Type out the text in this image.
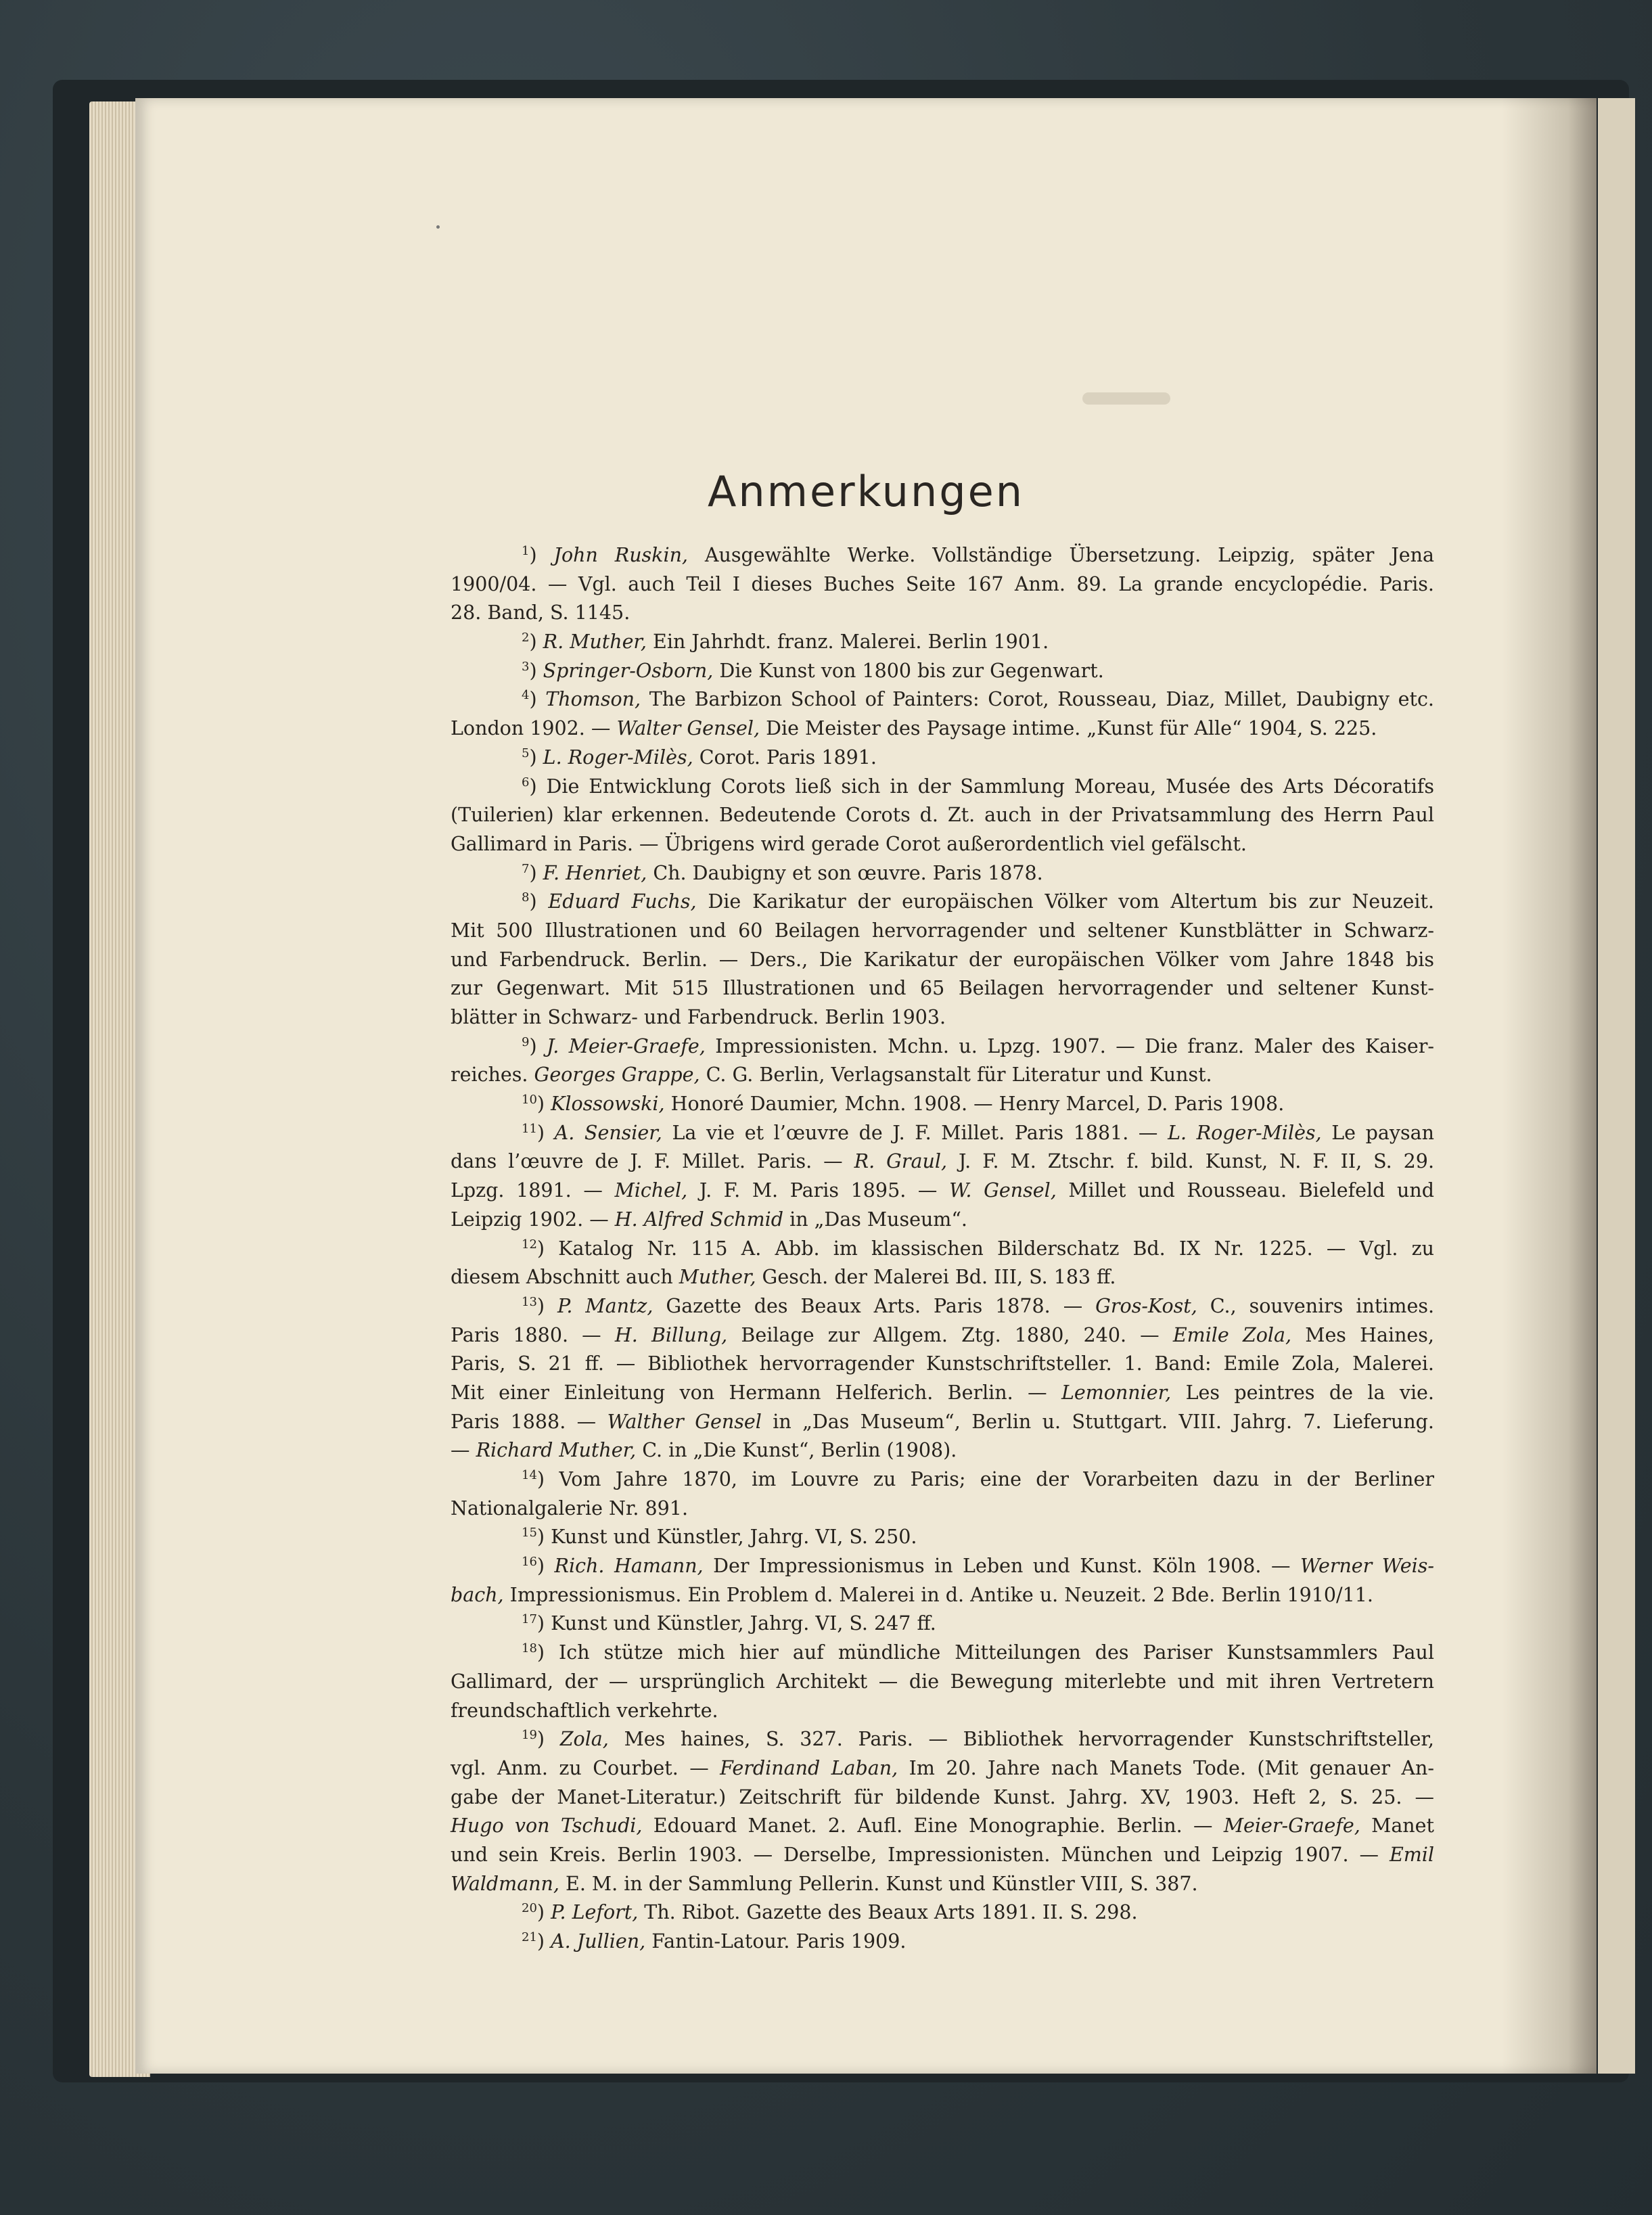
Anmerkungen
$^1$) John Ruskin, Ausgewählte Werke. Vollständige Übersetzung. Leipzig, später Jena
1900/04. — Vgl. auch Teil I dieses Buches Seite 167 Anm. 89. La grande encyclopédie. Paris.
28. Band, S. 1145.
$^2$) R. Muther, Ein Jahrhdt. franz. Malerei. Berlin 1901.
$^3$) Springer-Osborn, Die Kunst von 1800 bis zur Gegenwart.
$^4$) Thomson, The Barbizon School of Painters: Corot, Rousseau, Diaz, Millet, Daubigny etc.
London 1902. — Walter Gensel, Die Meister des Paysage intime. „Kunst für Alle“ 1904, S. 225.
$^5$) L. Roger-Milès, Corot. Paris 1891.
$^6$) Die Entwicklung Corots ließ sich in der Sammlung Moreau, Musée des Arts Décoratifs
(Tuilerien) klar erkennen. Bedeutende Corots d. Zt. auch in der Privatsammlung des Herrn Paul
Gallimard in Paris. — Übrigens wird gerade Corot außerordentlich viel gefälscht.
$^7$) F. Henriet, Ch. Daubigny et son œuvre. Paris 1878.
$^8$) Eduard Fuchs, Die Karikatur der europäischen Völker vom Altertum bis zur Neuzeit.
Mit 500 Illustrationen und 60 Beilagen hervorragender und seltener Kunstblätter in Schwarz-
und Farbendruck. Berlin. — Ders., Die Karikatur der europäischen Völker vom Jahre 1848 bis
zur Gegenwart. Mit 515 Illustrationen und 65 Beilagen hervorragender und seltener Kunst-
blätter in Schwarz- und Farbendruck. Berlin 1903.
$^9$) J. Meier-Graefe, Impressionisten. Mchn. u. Lpzg. 1907. — Die franz. Maler des Kaiser-
reiches. Georges Grappe, C. G. Berlin, Verlagsanstalt für Literatur und Kunst.
$^{10}$) Klossowski, Honoré Daumier, Mchn. 1908. — Henry Marcel, D. Paris 1908.
$^{11}$) A. Sensier, La vie et l’œuvre de J. F. Millet. Paris 1881. — L. Roger-Milès, Le paysan
dans l’œuvre de J. F. Millet. Paris. — R. Graul, J. F. M. Ztschr. f. bild. Kunst, N. F. II, S. 29.
Lpzg. 1891. — Michel, J. F. M. Paris 1895. — W. Gensel, Millet und Rousseau. Bielefeld und
Leipzig 1902. — H. Alfred Schmid in „Das Museum“.
$^{12}$) Katalog Nr. 115 A. Abb. im klassischen Bilderschatz Bd. IX Nr. 1225. — Vgl. zu
diesem Abschnitt auch Muther, Gesch. der Malerei Bd. III, S. 183 ff.
$^{13}$) P. Mantz, Gazette des Beaux Arts. Paris 1878. — Gros-Kost, C., souvenirs intimes.
Paris 1880. — H. Billung, Beilage zur Allgem. Ztg. 1880, 240. — Emile Zola, Mes Haines,
Paris, S. 21 ff. — Bibliothek hervorragender Kunstschriftsteller. 1. Band: Emile Zola, Malerei.
Mit einer Einleitung von Hermann Helferich. Berlin. — Lemonnier, Les peintres de la vie.
Paris 1888. — Walther Gensel in „Das Museum“, Berlin u. Stuttgart. VIII. Jahrg. 7. Lieferung.
— Richard Muther, C. in „Die Kunst“, Berlin (1908).
$^{14}$) Vom Jahre 1870, im Louvre zu Paris; eine der Vorarbeiten dazu in der Berliner
Nationalgalerie Nr. 891.
$^{15}$) Kunst und Künstler, Jahrg. VI, S. 250.
$^{16}$) Rich. Hamann, Der Impressionismus in Leben und Kunst. Köln 1908. — Werner Weis-
bach, Impressionismus. Ein Problem d. Malerei in d. Antike u. Neuzeit. 2 Bde. Berlin 1910/11.
$^{17}$) Kunst und Künstler, Jahrg. VI, S. 247 ff.
$^{18}$) Ich stütze mich hier auf mündliche Mitteilungen des Pariser Kunstsammlers Paul
Gallimard, der — ursprünglich Architekt — die Bewegung miterlebte und mit ihren Vertretern
freundschaftlich verkehrte.
$^{19}$) Zola, Mes haines, S. 327. Paris. — Bibliothek hervorragender Kunstschriftsteller,
vgl. Anm. zu Courbet. — Ferdinand Laban, Im 20. Jahre nach Manets Tode. (Mit genauer An-
gabe der Manet-Literatur.) Zeitschrift für bildende Kunst. Jahrg. XV, 1903. Heft 2, S. 25. —
Hugo von Tschudi, Edouard Manet. 2. Aufl. Eine Monographie. Berlin. — Meier-Graefe, Manet
und sein Kreis. Berlin 1903. — Derselbe, Impressionisten. München und Leipzig 1907. — Emil
Waldmann, E. M. in der Sammlung Pellerin. Kunst und Künstler VIII, S. 387.
$^{20}$) P. Lefort, Th. Ribot. Gazette des Beaux Arts 1891. II. S. 298.
$^{21}$) A. Jullien, Fantin-Latour. Paris 1909.
